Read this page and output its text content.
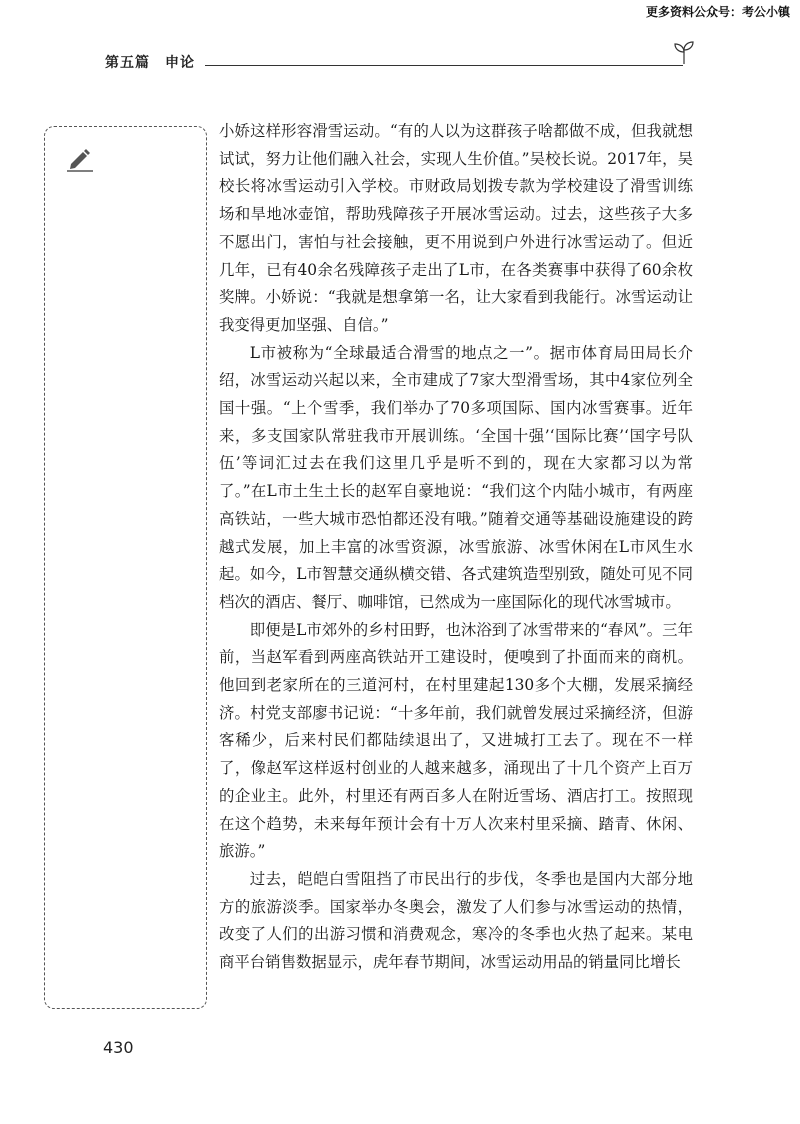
更多资料公众号：考公小镇
第五篇　申论

小娇这样形容滑雪运动。“有的人以为这群孩子啥都做不成，但我就想试试，努力让他们融入社会，实现人生价值。”吴校长说。2017年，吴校长将冰雪运动引入学校。市财政局划拨专款为学校建设了滑雪训练场和旱地冰壶馆，帮助残障孩子开展冰雪运动。过去，这些孩子大多不愿出门，害怕与社会接触，更不用说到户外进行冰雪运动了。但近几年，已有40余名残障孩子走出了L市，在各类赛事中获得了60余枚奖牌。小娇说：“我就是想拿第一名，让大家看到我能行。冰雪运动让我变得更加坚强、自信。”

L市被称为“全球最适合滑雪的地点之一”。据市体育局田局长介绍，冰雪运动兴起以来，全市建成了7家大型滑雪场，其中4家位列全国十强。“上个雪季，我们举办了70多项国际、国内冰雪赛事。近年来，多支国家队常驻我市开展训练。‘全国十强’‘国际比赛’‘国字号队伍’等词汇过去在我们这里几乎是听不到的，现在大家都习以为常了。”在L市土生土长的赵军自豪地说：“我们这个内陆小城市，有两座高铁站，一些大城市恐怕都还没有哦。”随着交通等基础设施建设的跨越式发展，加上丰富的冰雪资源，冰雪旅游、冰雪休闲在L市风生水起。如今，L市智慧交通纵横交错、各式建筑造型别致，随处可见不同档次的酒店、餐厅、咖啡馆，已然成为一座国际化的现代冰雪城市。

即便是L市郊外的乡村田野，也沐浴到了冰雪带来的“春风”。三年前，当赵军看到两座高铁站开工建设时，便嗅到了扑面而来的商机。他回到老家所在的三道河村，在村里建起130多个大棚，发展采摘经济。村党支部廖书记说：“十多年前，我们就曾发展过采摘经济，但游客稀少，后来村民们都陆续退出了，又进城打工去了。现在不一样了，像赵军这样返村创业的人越来越多，涌现出了十几个资产上百万的企业主。此外，村里还有两百多人在附近雪场、酒店打工。按照现在这个趋势，未来每年预计会有十万人次来村里采摘、踏青、休闲、旅游。”

过去，皑皑白雪阻挡了市民出行的步伐，冬季也是国内大部分地方的旅游淡季。国家举办冬奥会，激发了人们参与冰雪运动的热情，改变了人们的出游习惯和消费观念，寒冷的冬季也火热了起来。某电商平台销售数据显示，虎年春节期间，冰雪运动用品的销量同比增长

430
